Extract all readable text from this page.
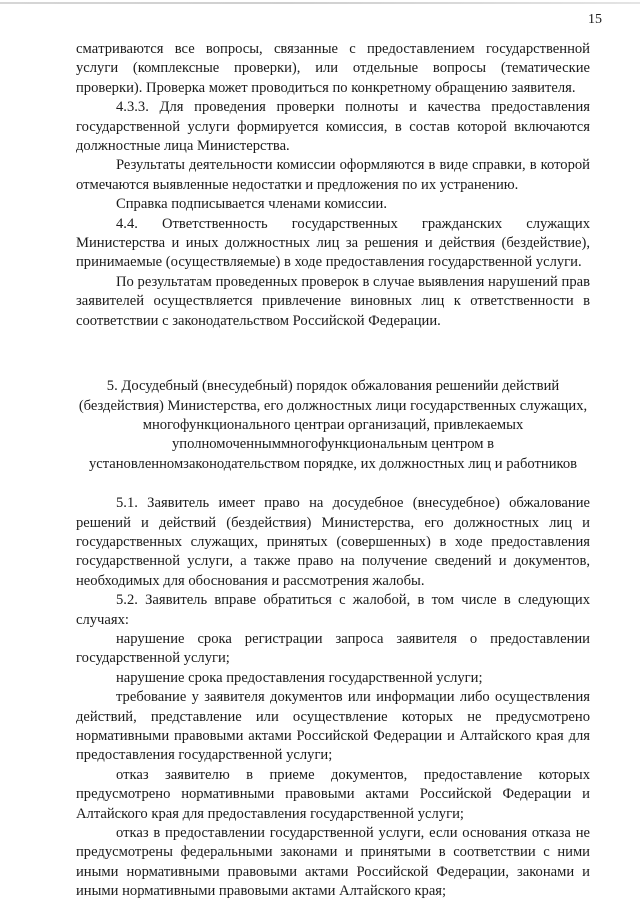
15

смaтриваются все вопросы, связанные с предоставлением государственной услуги (комплексные проверки), или отдельные вопросы (тематические проверки). Проверка может проводиться по конкретному обращению заявителя.

4.3.3. Для проведения проверки полноты и качества предоставления государственной услуги формируется комиссия, в состав которой включаются должностные лица Министерства.

Результаты деятельности комиссии оформляются в виде справки, в которой отмечаются выявленные недостатки и предложения по их устранению.

Справка подписывается членами комиссии.

4.4. Ответственность государственных гражданских служащих Министерства и иных должностных лиц за решения и действия (бездействие), принимаемые (осуществляемые) в ходе предоставления государственной услуги.

По результатам проведенных проверок в случае выявления нарушений прав заявителей осуществляется привлечение виновных лиц к ответственности в соответствии с законодательством Российской Федерации.

5. Досудебный (внесудебный) порядок обжалования решенийи действий (бездействия) Министерства, его должностных лици государственных служащих, многофункционального центраи организаций, привлекаемых уполномоченныммногофункциональным центром в установленномзаконодательством порядке, их должностных лиц и работников

5.1. Заявитель имеет право на досудебное (внесудебное) обжалование решений и действий (бездействия) Министерства, его должностных лиц и государственных служащих, принятых (совершенных) в ходе предоставления государственной услуги, а также право на получение сведений и документов, необходимых для обоснования и рассмотрения жалобы.

5.2. Заявитель вправе обратиться с жалобой, в том числе в следующих случаях:

нарушение срока регистрации запроса заявителя о предоставлении государственной услуги;

нарушение срока предоставления государственной услуги;

требование у заявителя документов или информации либо осуществления действий, представление или осуществление которых не предусмотрено нормативными правовыми актами Российской Федерации и Алтайского края для предоставления государственной услуги;

отказ заявителю в приеме документов, предоставление которых предусмотрено нормативными правовыми актами Российской Федерации и Алтайского края для предоставления государственной услуги;

отказ в предоставлении государственной услуги, если основания отказа не предусмотрены федеральными законами и принятыми в соответствии с ними иными нормативными правовыми актами Российской Федерации, законами и иными нормативными правовыми актами Алтайского края;
